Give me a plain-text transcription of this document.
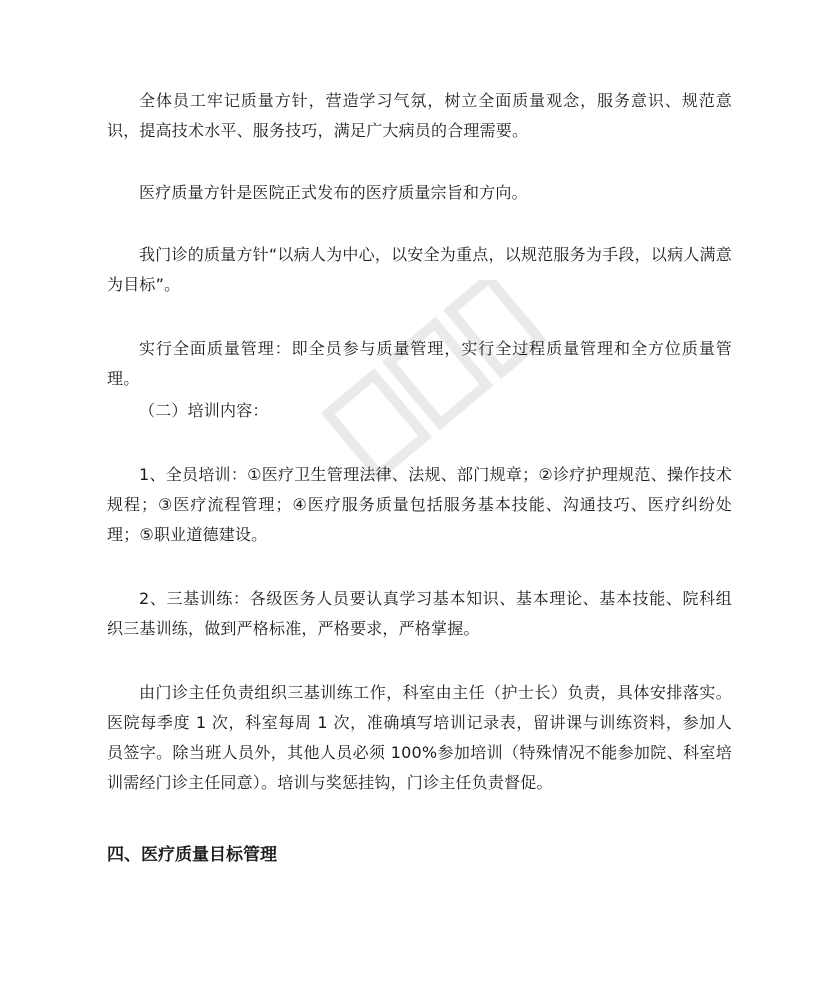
全体员工牢记质量方针，营造学习气氛，树立全面质量观念，服务意识、规范意识，提高技术水平、服务技巧，满足广大病员的合理需要。

医疗质量方针是医院正式发布的医疗质量宗旨和方向。

我门诊的质量方针“以病人为中心，以安全为重点，以规范服务为手段，以病人满意为目标”。

实行全面质量管理：即全员参与质量管理，实行全过程质量管理和全方位质量管理。

（二）培训内容：

1、全员培训：①医疗卫生管理法律、法规、部门规章；②诊疗护理规范、操作技术规程；③医疗流程管理；④医疗服务质量包括服务基本技能、沟通技巧、医疗纠纷处理；⑤职业道德建设。

2、三基训练：各级医务人员要认真学习基本知识、基本理论、基本技能、院科组织三基训练，做到严格标准，严格要求，严格掌握。

由门诊主任负责组织三基训练工作，科室由主任（护士长）负责，具体安排落实。医院每季度 1 次，科室每周 1 次，准确填写培训记录表，留讲课与训练资料，参加人员签字。除当班人员外，其他人员必须 100%参加培训（特殊情况不能参加院、科室培训需经门诊主任同意）。培训与奖惩挂钩，门诊主任负责督促。

四、医疗质量目标管理
